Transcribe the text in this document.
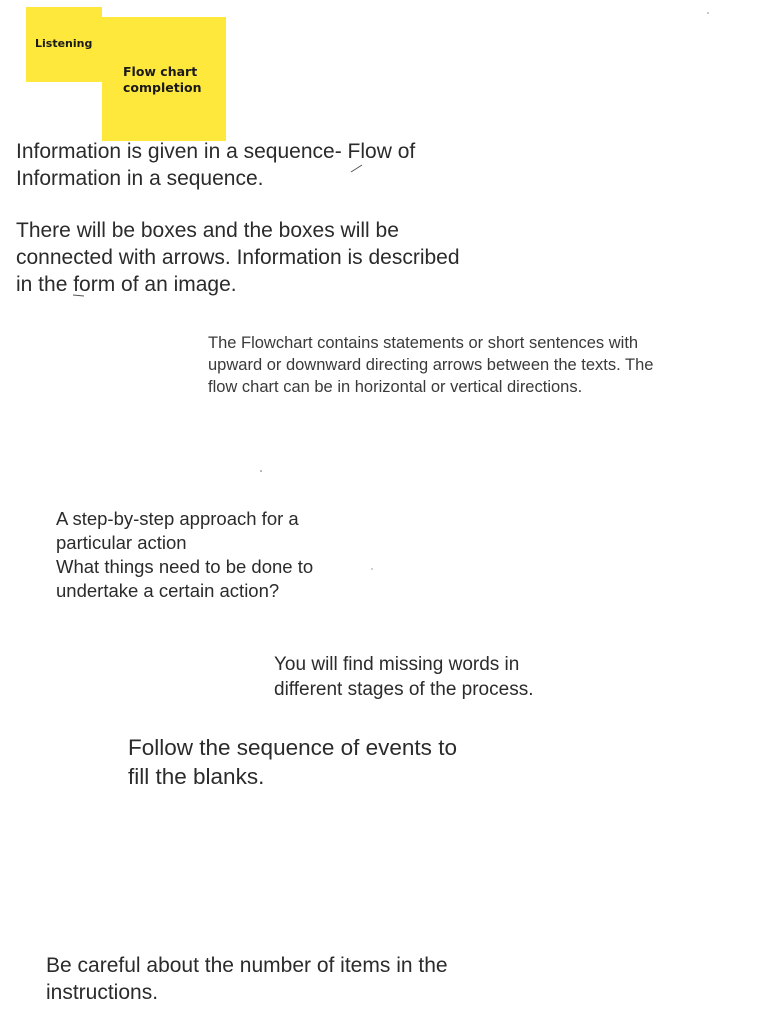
Listening
Flow chart
completion
Information is given in a sequence- Flow of
Information in a sequence.
There will be boxes and the boxes will be
connected with arrows. Information is described
in the form of an image.
The Flowchart contains statements or short sentences with
upward or downward directing arrows between the texts. The
flow chart can be in horizontal or vertical directions.
A step-by-step approach for a
particular action
What things need to be done to
undertake a certain action?
You will find missing words in
different stages of the process.
Follow the sequence of events to
fill the blanks.
Be careful about the number of items in the
instructions.
